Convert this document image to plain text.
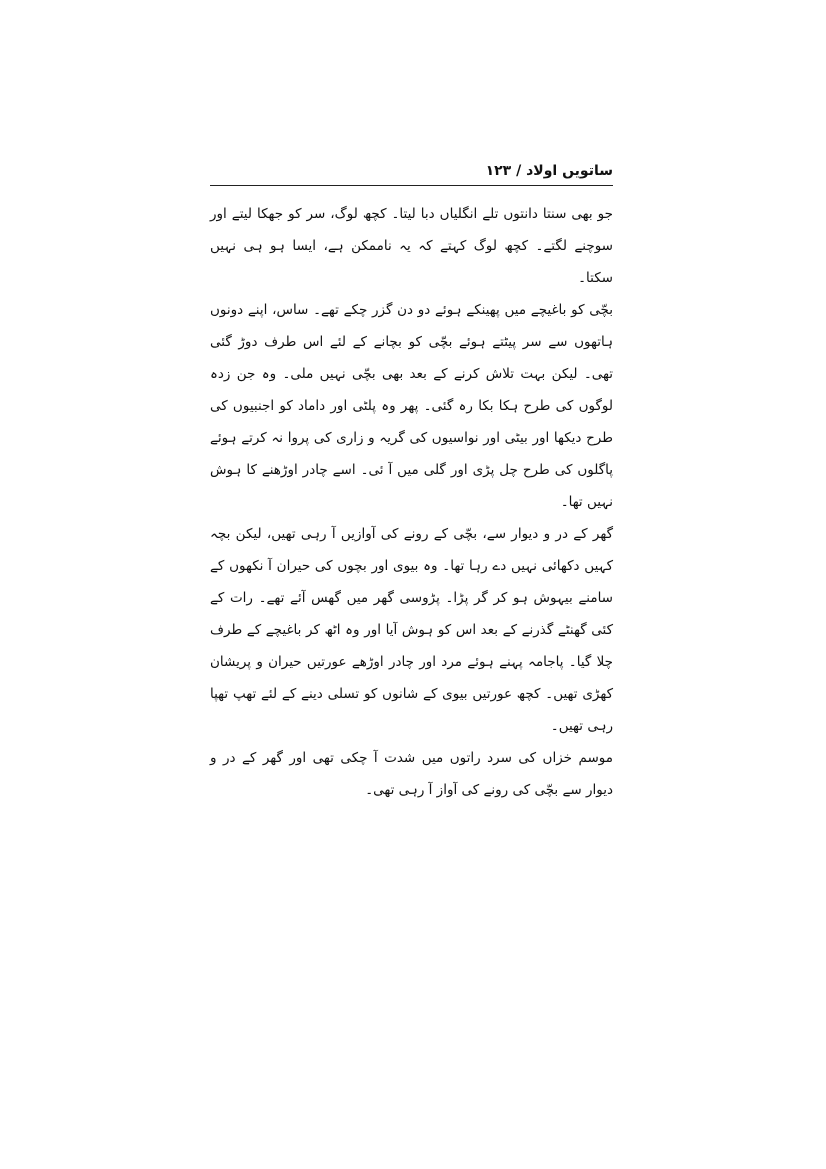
ساتویں اولاد / ۱۲۳

جو بھی سنتا دانتوں تلے انگلیاں دبا لیتا۔ کچھ لوگ، سر کو جھکا لیتے اور سوچنے لگتے۔ کچھ لوگ کہتے کہ یہ ناممکن ہے، ایسا ہو ہی نہیں سکتا۔

بچّی کو باغیچے میں پھینکے ہوئے دو دن گزر چکے تھے۔ ساس، اپنے دونوں ہاتھوں سے سر پیٹتے ہوئے بچّی کو بچانے کے لئے اس طرف دوڑ گئی تھی۔ لیکن بہت تلاش کرنے کے بعد بھی بچّی نہیں ملی۔ وہ جن زدہ لوگوں کی طرح ہکا بکا رہ گئی۔ پھر وہ پلٹی اور داماد کو اجنبیوں کی طرح دیکھا اور بیٹی اور نواسیوں کی گریہ و زاری کی پروا نہ کرتے ہوئے پاگلوں کی طرح چل پڑی اور گلی میں آ ئی۔ اسے چادر اوڑھنے کا ہوش نہیں تھا۔

گھر کے در و دیوار سے، بچّی کے رونے کی آوازیں آ رہی تھیں، لیکن بچہ کہیں دکھائی نہیں دے رہا تھا۔ وہ بیوی اور بچوں کی حیران آ نکھوں کے سامنے بیہوش ہو کر گر پڑا۔ پڑوسی گھر میں گھس آئے تھے۔ رات کے کئی گھنٹے گذرنے کے بعد اس کو ہوش آیا اور وہ اٹھ کر باغیچے کے طرف چلا گیا۔ پاجامہ پہنے ہوئے مرد اور چادر اوڑھے عورتیں حیران و پریشان کھڑی تھیں۔ کچھ عورتیں بیوی کے شانوں کو تسلی دینے کے لئے تھپ تھپا رہی تھیں۔

موسم خزاں کی سرد راتوں میں شدت آ چکی تھی اور گھر کے در و دیوار سے بچّی کی رونے کی آواز آ رہی تھی۔
